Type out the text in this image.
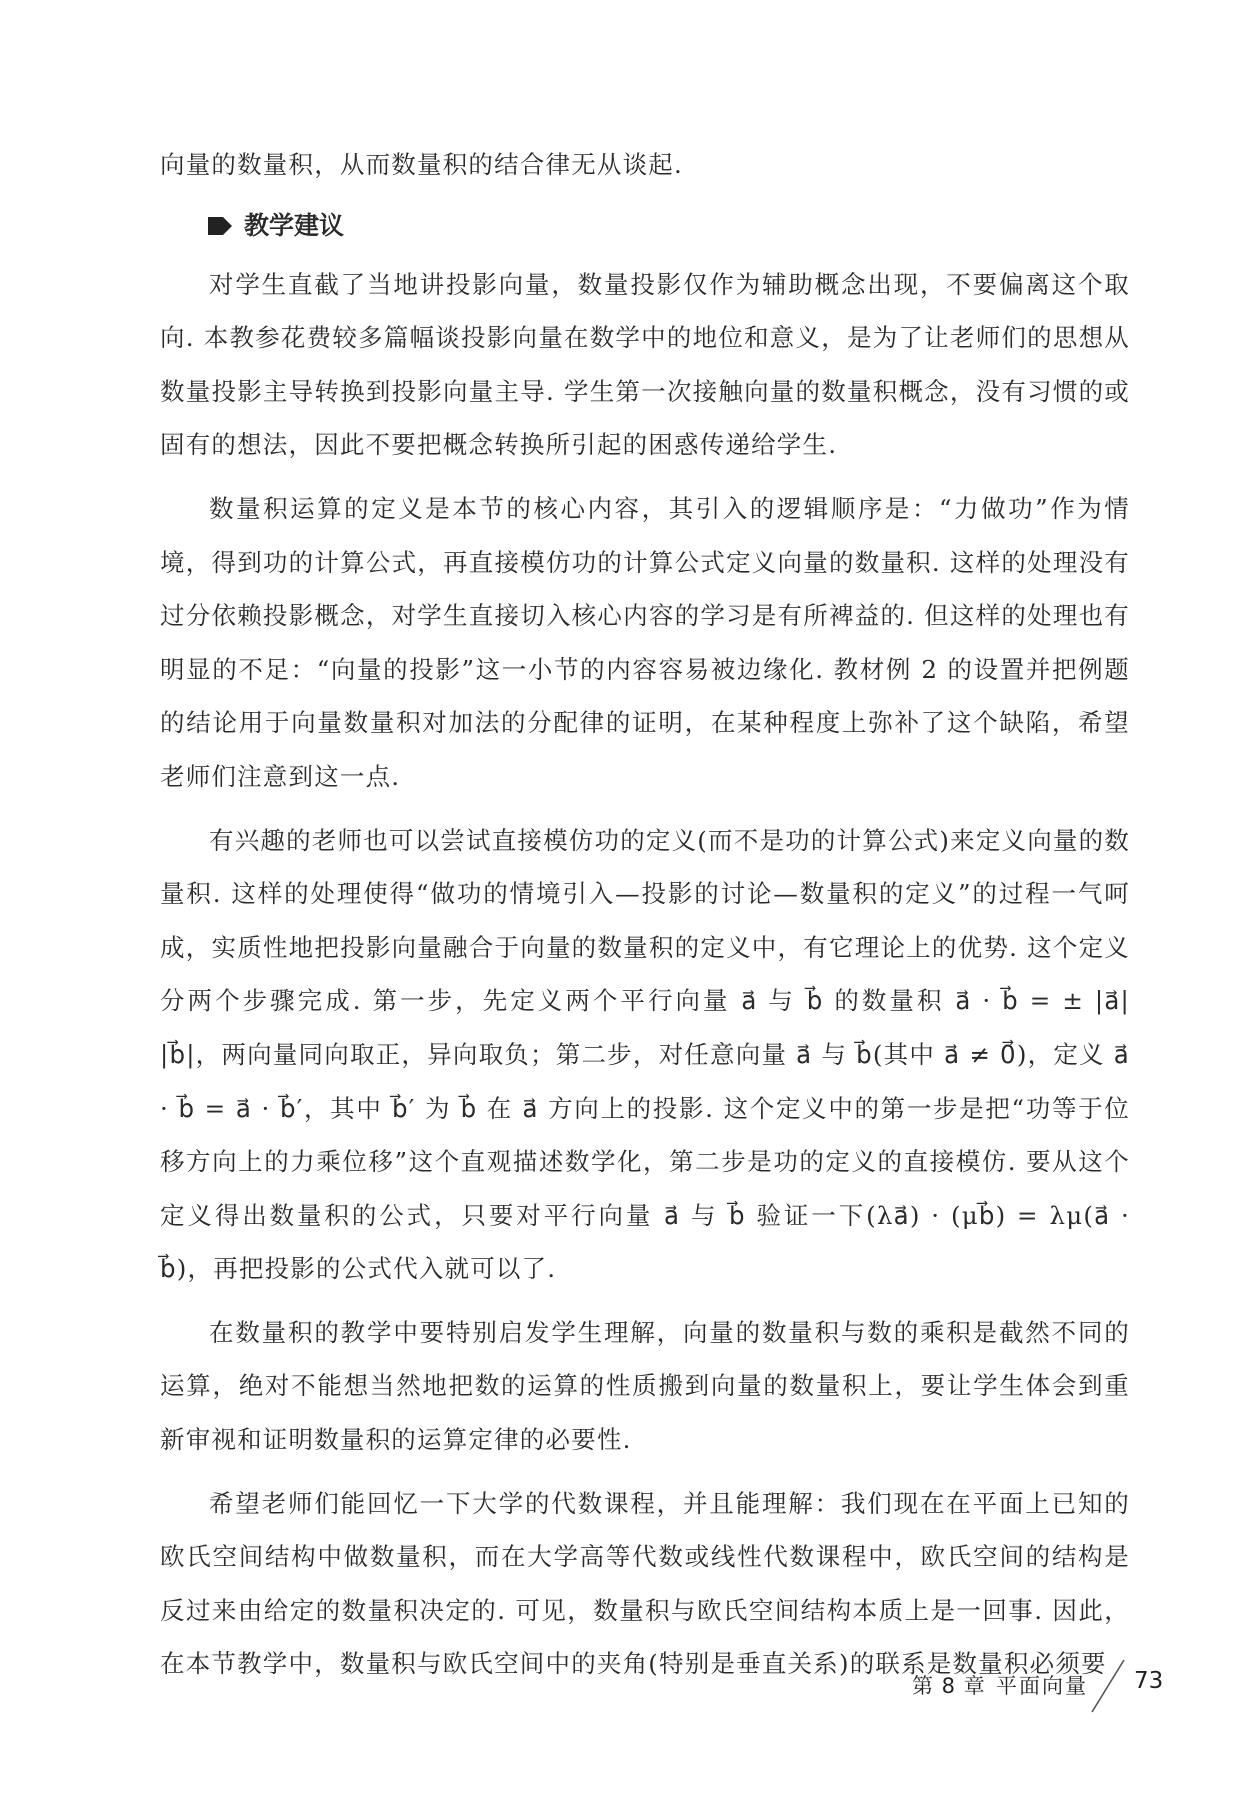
向量的数量积，从而数量积的结合律无从谈起.

教学建议

对学生直截了当地讲投影向量，数量投影仅作为辅助概念出现，不要偏离这个取向. 本教参花费较多篇幅谈投影向量在数学中的地位和意义，是为了让老师们的思想从数量投影主导转换到投影向量主导. 学生第一次接触向量的数量积概念，没有习惯的或固有的想法，因此不要把概念转换所引起的困惑传递给学生.

数量积运算的定义是本节的核心内容，其引入的逻辑顺序是：“力做功”作为情境，得到功的计算公式，再直接模仿功的计算公式定义向量的数量积. 这样的处理没有过分依赖投影概念，对学生直接切入核心内容的学习是有所裨益的. 但这样的处理也有明显的不足：“向量的投影”这一小节的内容容易被边缘化. 教材例 2 的设置并把例题的结论用于向量数量积对加法的分配律的证明，在某种程度上弥补了这个缺陷，希望老师们注意到这一点.

有兴趣的老师也可以尝试直接模仿功的定义(而不是功的计算公式)来定义向量的数量积. 这样的处理使得“做功的情境引入—投影的讨论—数量积的定义”的过程一气呵成，实质性地把投影向量融合于向量的数量积的定义中，有它理论上的优势. 这个定义分两个步骤完成. 第一步，先定义两个平行向量 a⃗ 与 b⃗ 的数量积 a⃗ · b⃗ = ± |a⃗| |b⃗|，两向量同向取正，异向取负；第二步，对任意向量 a⃗ 与 b⃗(其中 a⃗ ≠ 0⃗)，定义 a⃗ · b⃗ = a⃗ · b⃗′，其中 b⃗′ 为 b⃗ 在 a⃗ 方向上的投影. 这个定义中的第一步是把“功等于位移方向上的力乘位移”这个直观描述数学化，第二步是功的定义的直接模仿. 要从这个定义得出数量积的公式，只要对平行向量 a⃗ 与 b⃗ 验证一下(λa⃗) · (μb⃗) = λμ(a⃗ · b⃗)，再把投影的公式代入就可以了.

在数量积的教学中要特别启发学生理解，向量的数量积与数的乘积是截然不同的运算，绝对不能想当然地把数的运算的性质搬到向量的数量积上，要让学生体会到重新审视和证明数量积的运算定律的必要性.

希望老师们能回忆一下大学的代数课程，并且能理解：我们现在在平面上已知的欧氏空间结构中做数量积，而在大学高等代数或线性代数课程中，欧氏空间的结构是反过来由给定的数量积决定的. 可见，数量积与欧氏空间结构本质上是一回事. 因此，在本节教学中，数量积与欧氏空间中的夹角(特别是垂直关系)的联系是数量积必须要

第 8 章 平面向量 73
